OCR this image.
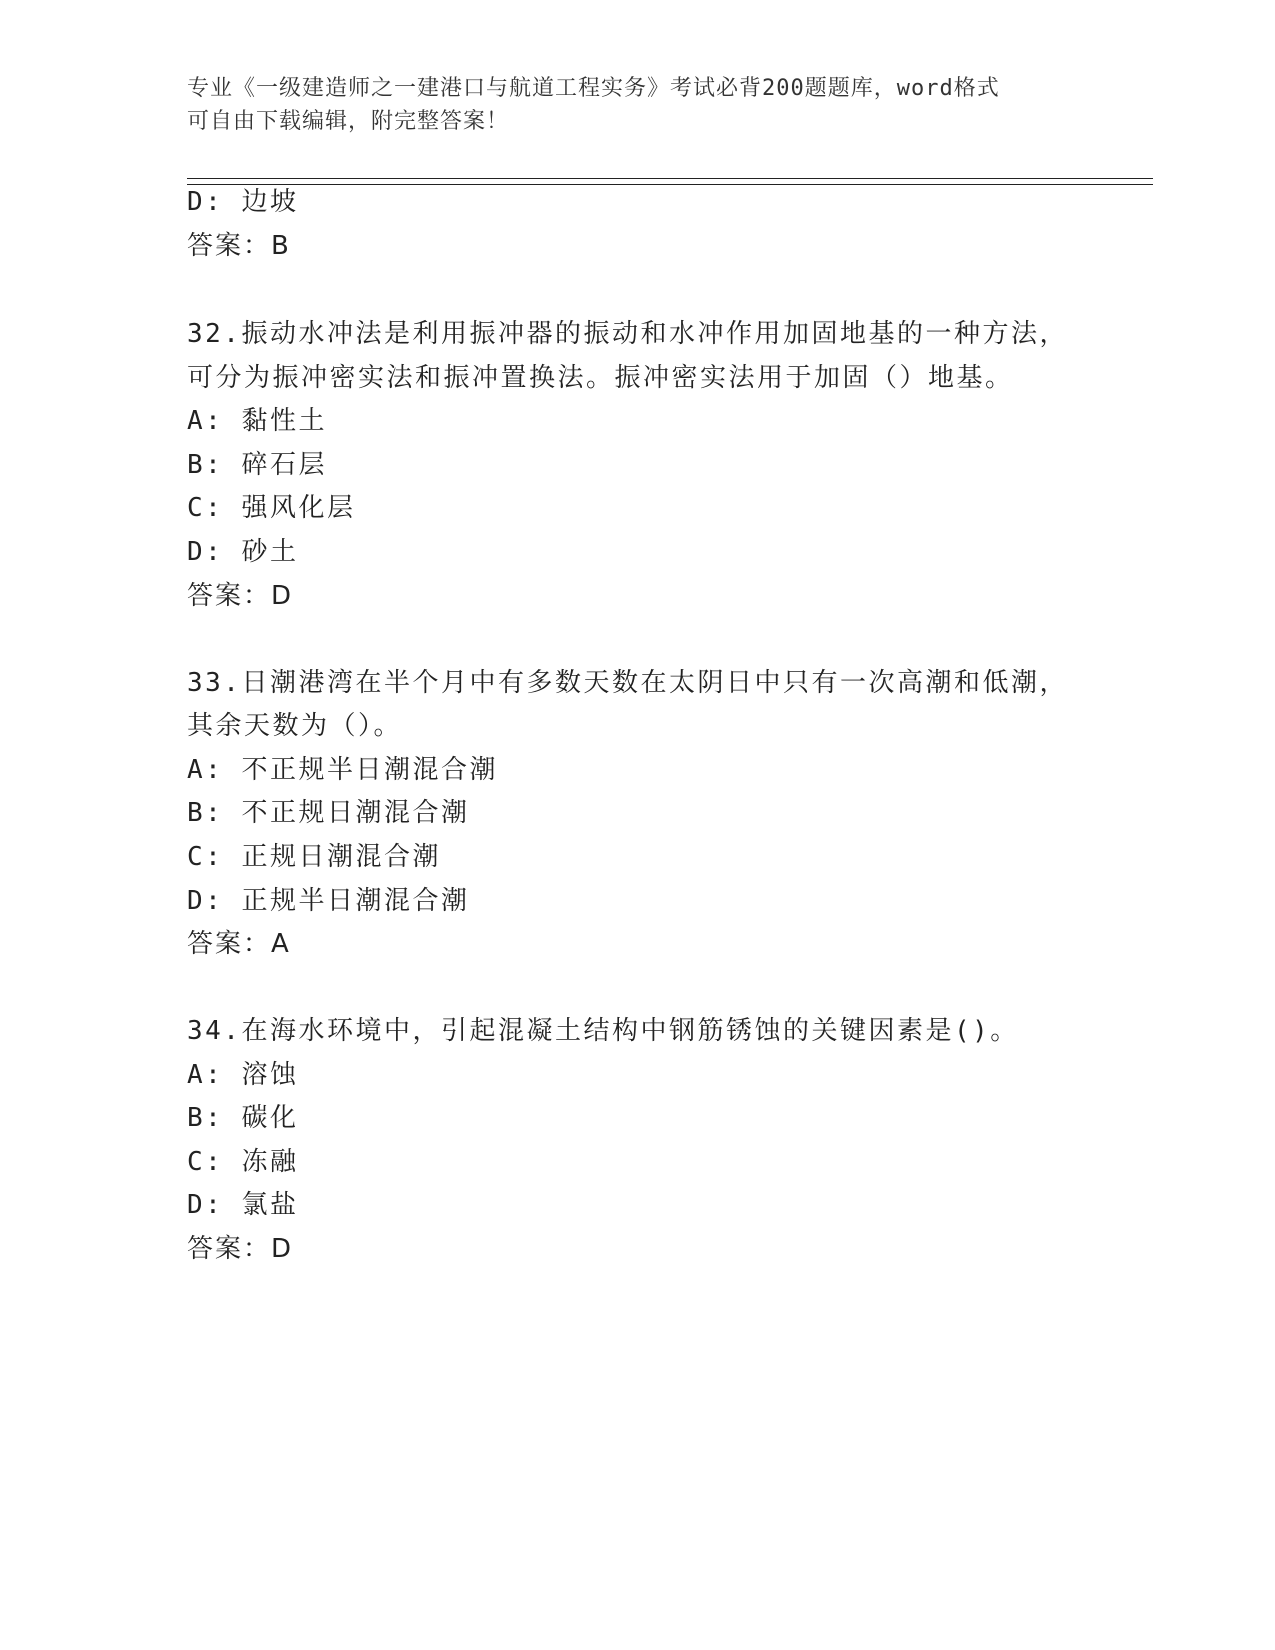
专业《一级建造师之一建港口与航道工程实务》考试必背200题题库，word格式
可自由下载编辑，附完整答案！
D: 边坡
答案：B
32.振动水冲法是利用振冲器的振动和水冲作用加固地基的一种方法，
可分为振冲密实法和振冲置换法。振冲密实法用于加固（）地基。
A: 黏性土
B: 碎石层
C: 强风化层
D: 砂土
答案：D
33.日潮港湾在半个月中有多数天数在太阴日中只有一次高潮和低潮，
其余天数为（）。
A: 不正规半日潮混合潮
B: 不正规日潮混合潮
C: 正规日潮混合潮
D: 正规半日潮混合潮
答案：A
34.在海水环境中，引起混凝土结构中钢筋锈蚀的关键因素是()。
A: 溶蚀
B: 碳化
C: 冻融
D: 氯盐
答案：D
